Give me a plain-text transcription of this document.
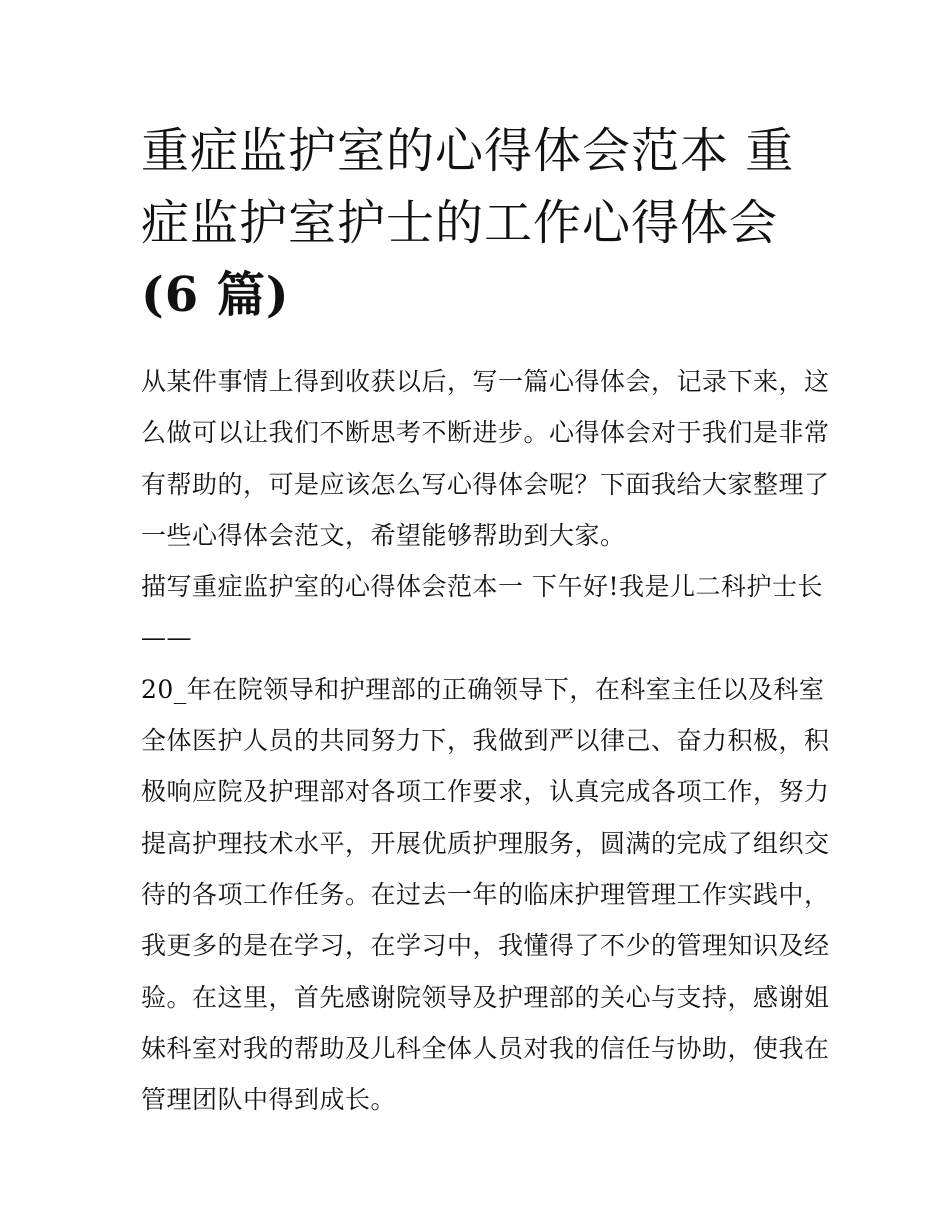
重症监护室的心得体会范本 重
症监护室护士的工作心得体会
(6 篇)
从某件事情上得到收获以后，写一篇心得体会，记录下来，这
么做可以让我们不断思考不断进步。心得体会对于我们是非常
有帮助的，可是应该怎么写心得体会呢？下面我给大家整理了
一些心得体会范文，希望能够帮助到大家。
描写重症监护室的心得体会范本一 下午好!我是儿二科护士长
——
20_年在院领导和护理部的正确领导下，在科室主任以及科室
全体医护人员的共同努力下，我做到严以律己、奋力积极，积
极响应院及护理部对各项工作要求，认真完成各项工作，努力
提高护理技术水平，开展优质护理服务，圆满的完成了组织交
待的各项工作任务。在过去一年的临床护理管理工作实践中，
我更多的是在学习，在学习中，我懂得了不少的管理知识及经
验。在这里，首先感谢院领导及护理部的关心与支持，感谢姐
妹科室对我的帮助及儿科全体人员对我的信任与协助，使我在
管理团队中得到成长。
